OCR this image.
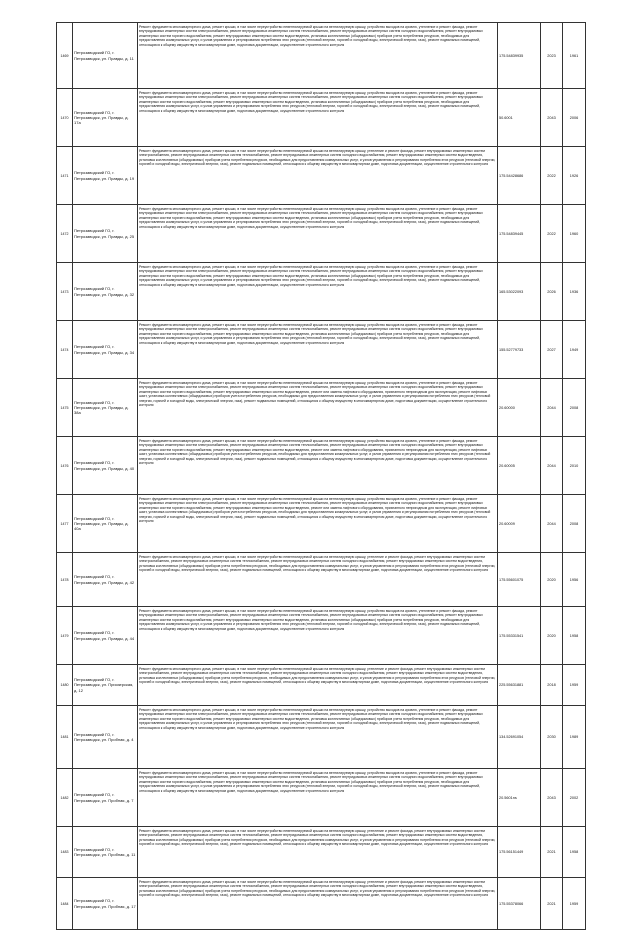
1469	Петрозаводский ГО, г. Петрозаводск, ул. Правды, д. 11	Ремонт фундамента многоквартирного дома, ремонт крыши, в том числе переустройство невентилируемой крыши на вентилируемую крышу, устройство выходов на кровлю, утепление и ремонт фасада, ремонт внутридомовых инженерных систем электроснабжения, ремонт внутридомовых инженерных систем теплоснабжения, ремонт внутридомовых инженерных систем холодного водоснабжения, ремонт внутридомовых инженерных систем горячего водоснабжения, ремонт внутридомовых инженерных систем водоотведения, установка коллективных (общедомовых) приборов учета потребления ресурсов, необходимых для предоставления коммунальных услуг, и узлов управления и регулирования потребления этих ресурсов (тепловой энергии, горячей и холодной воды, электрической энергии, газа), ремонт подвальных помещений, относящихся к общему имуществу в многоквартирном доме, подготовка документации, осуществление строительного контроля	175.54839935	2023	1961
1470	Петрозаводский ГО, г. Петрозаводск, ул. Правды, д. 17а	Ремонт фундамента многоквартирного дома, ремонт крыши, в том числе переустройство невентилируемой крыши на вентилируемую крышу, устройство выходов на кровлю, утепление и ремонт фасада, ремонт внутридомовых инженерных систем электроснабжения, ремонт внутридомовых инженерных систем теплоснабжения, ремонт внутридомовых инженерных систем холодного водоснабжения, ремонт внутридомовых инженерных систем горячего водоснабжения, ремонт внутридомовых инженерных систем водоотведения, установка коллективных (общедомовых) приборов учета потребления ресурсов, необходимых для предоставления коммунальных услуг, и узлов управления и регулирования потребления этих ресурсов (тепловой энергии, горячей и холодной воды, электрической энергии, газа), ремонт подвальных помещений, относящихся к общему имуществу в многоквартирном доме, подготовка документации, осуществление строительного контроля	50.6001	2043	2006
1471	Петрозаводский ГО, г. Петрозаводск, ул. Правды, д. 19	Ремонт фундамента многоквартирного дома, ремонт крыши, в том числе переустройство невентилируемой крыши на вентилируемую крышу, утепление и ремонт фасада, ремонт внутридомовых инженерных систем электроснабжения, ремонт внутридомовых инженерных систем теплоснабжения, ремонт внутридомовых инженерных систем холодного водоснабжения, ремонт внутридомовых инженерных систем водоотведения, установка коллективных (общедомовых) приборов учета потребления ресурсов, необходимых для предоставления коммунальных услуг, и узлов управления и регулирования потребления этих ресурсов (тепловой энергии, горячей и холодной воды, электрической энергии, газа), ремонт подвальных помещений, относящихся к общему имуществу в многоквартирном доме, подготовка документации, осуществление строительного контроля	175.54428686	2022	1926
1472	Петрозаводский ГО, г. Петрозаводск, ул. Правды, д. 25	Ремонт фундамента многоквартирного дома, ремонт крыши, в том числе переустройство невентилируемой крыши на вентилируемую крышу, устройство выходов на кровлю, утепление и ремонт фасада, ремонт внутридомовых инженерных систем электроснабжения, ремонт внутридомовых инженерных систем теплоснабжения, ремонт внутридомовых инженерных систем холодного водоснабжения, ремонт внутридомовых инженерных систем горячего водоснабжения, ремонт внутридомовых инженерных систем водоотведения, установка коллективных (общедомовых) приборов учета потребления ресурсов, необходимых для предоставления коммунальных услуг, и узлов управления и регулирования потребления этих ресурсов (тепловой энергии, горячей и холодной воды, электрической энергии, газа), ремонт подвальных помещений, относящихся к общему имуществу в многоквартирном доме, подготовка документации, осуществление строительного контроля	175.54839445	2022	1960
1473	Петрозаводский ГО, г. Петрозаводск, ул. Правды, д. 32	Ремонт фундамента многоквартирного дома, ремонт крыши, в том числе переустройство невентилируемой крыши на вентилируемую крышу, устройство выходов на кровлю, утепление и ремонт фасада, ремонт внутридомовых инженерных систем электроснабжения, ремонт внутридомовых инженерных систем теплоснабжения, ремонт внутридомовых инженерных систем холодного водоснабжения, ремонт внутридомовых инженерных систем горячего водоснабжения, ремонт внутридомовых инженерных систем водоотведения, установка коллективных (общедомовых) приборов учета потребления ресурсов, необходимых для предоставления коммунальных услуг, и узлов управления и регулирования потребления этих ресурсов (тепловой энергии, горячей и холодной воды, электрической энергии, газа), ремонт подвальных помещений, относящихся к общему имуществу в многоквартирном доме, подготовка документации, осуществление строительного контроля	165.53022093	2026	1936
1474	Петрозаводский ГО, г. Петрозаводск, ул. Правды, д. 34	Ремонт фундамента многоквартирного дома, ремонт крыши, в том числе переустройство невентилируемой крыши на вентилируемую крышу, устройство выходов на кровлю, утепление и ремонт фасада, ремонт внутридомовых инженерных систем электроснабжения, ремонт внутридомовых инженерных систем теплоснабжения, ремонт внутридомовых инженерных систем холодного водоснабжения, ремонт внутридомовых инженерных систем горячего водоснабжения, ремонт внутридомовых инженерных систем водоотведения, установка коллективных (общедомовых) приборов учета потребления ресурсов, необходимых для предоставления коммунальных услуг, и узлов управления и регулирования потребления этих ресурсов (тепловой энергии, горячей и холодной воды, электрической энергии, газа), ремонт подвальных помещений, относящихся к общему имуществу в многоквартирном доме, подготовка документации, осуществление строительного контроля	155.52779733	2027	1949
1475	Петрозаводский ГО, г. Петрозаводск, ул. Правды, д. 38а	Ремонт фундамента многоквартирного дома, ремонт крыши, в том числе переустройство невентилируемой крыши на вентилируемую крышу, устройство выходов на кровлю, утепление и ремонт фасада, ремонт внутридомовых инженерных систем электроснабжения, ремонт внутридомовых инженерных систем теплоснабжения, ремонт внутридомовых инженерных систем холодного водоснабжения, ремонт внутридомовых инженерных систем горячего водоснабжения, ремонт внутридомовых инженерных систем водоотведения, ремонт или замена лифтового оборудования, признанного непригодным для эксплуатации, ремонт лифтовых шахт, установка коллективных (общедомовых) приборов учета потребления ресурсов, необходимых для предоставления коммунальных услуг, и узлов управления и регулирования потребления этих ресурсов (тепловой энергии, горячей и холодной воды, электрической энергии, газа), ремонт подвальных помещений, относящихся к общему имуществу в многоквартирном доме, подготовка документации, осуществление строительного контроля	20.60000	2044	2008
1476	Петрозаводский ГО, г. Петрозаводск, ул. Правды, д. 40	Ремонт фундамента многоквартирного дома, ремонт крыши, в том числе переустройство невентилируемой крыши на вентилируемую крышу, устройство выходов на кровлю, утепление и ремонт фасада, ремонт внутридомовых инженерных систем электроснабжения, ремонт внутридомовых инженерных систем теплоснабжения, ремонт внутридомовых инженерных систем холодного водоснабжения, ремонт внутридомовых инженерных систем горячего водоснабжения, ремонт внутридомовых инженерных систем водоотведения, ремонт или замена лифтового оборудования, признанного непригодным для эксплуатации, ремонт лифтовых шахт, установка коллективных (общедомовых) приборов учета потребления ресурсов, необходимых для предоставления коммунальных услуг, и узлов управления и регулирования потребления этих ресурсов (тепловой энергии, горячей и холодной воды, электрической энергии, газа), ремонт подвальных помещений, относящихся к общему имуществу в многоквартирном доме, подготовка документации, осуществление строительного контроля	20.60005	2044	2010
1477	Петрозаводский ГО, г. Петрозаводск, ул. Правды, д. 40а	Ремонт фундамента многоквартирного дома, ремонт крыши, в том числе переустройство невентилируемой крыши на вентилируемую крышу, устройство выходов на кровлю, утепление и ремонт фасада, ремонт внутридомовых инженерных систем электроснабжения, ремонт внутридомовых инженерных систем теплоснабжения, ремонт внутридомовых инженерных систем холодного водоснабжения, ремонт внутридомовых инженерных систем горячего водоснабжения, ремонт внутридомовых инженерных систем водоотведения, ремонт или замена лифтового оборудования, признанного непригодным для эксплуатации, ремонт лифтовых шахт, установка коллективных (общедомовых) приборов учета потребления ресурсов, необходимых для предоставления коммунальных услуг, и узлов управления и регулирования потребления этих ресурсов (тепловой энергии, горячей и холодной воды, электрической энергии, газа), ремонт подвальных помещений, относящихся к общему имуществу в многоквартирном доме, подготовка документации, осуществление строительного контроля	20.60009	2044	2008
1478	Петрозаводский ГО, г. Петрозаводск, ул. Правды, д. 42	Ремонт фундамента многоквартирного дома, ремонт крыши, в том числе переустройство невентилируемой крыши на вентилируемую крышу, утепление и ремонт фасада, ремонт внутридомовых инженерных систем электроснабжения, ремонт внутридомовых инженерных систем теплоснабжения, ремонт внутридомовых инженерных систем холодного водоснабжения, ремонт внутридомовых инженерных систем водоотведения, установка коллективных (общедомовых) приборов учета потребления ресурсов, необходимых для предоставления коммунальных услуг, и узлов управления и регулирования потребления этих ресурсов (тепловой энергии, горячей и холодной воды, электрической энергии, газа), ремонт подвальных помещений, относящихся к общему имуществу в многоквартирном доме, подготовка документации, осуществление строительного контроля	175.55601075	2020	1956
1479	Петрозаводский ГО, г. Петрозаводск, ул. Правды, д. 44	Ремонт фундамента многоквартирного дома, ремонт крыши, в том числе переустройство невентилируемой крыши на вентилируемую крышу, устройство выходов на кровлю, утепление и ремонт фасада, ремонт внутридомовых инженерных систем электроснабжения, ремонт внутридомовых инженерных систем теплоснабжения, ремонт внутридомовых инженерных систем холодного водоснабжения, ремонт внутридомовых инженерных систем горячего водоснабжения, ремонт внутридомовых инженерных систем водоотведения, установка коллективных (общедомовых) приборов учета потребления ресурсов, необходимых для предоставления коммунальных услуг, и узлов управления и регулирования потребления этих ресурсов (тепловой энергии, горячей и холодной воды, электрической энергии, газа), ремонт подвальных помещений, относящихся к общему имуществу в многоквартирном доме, подготовка документации, осуществление строительного контроля	175.55331541	2020	1958
1480	Петрозаводский ГО, г. Петрозаводск, ул. Приозерская, д. 12	Ремонт фундамента многоквартирного дома, ремонт крыши, в том числе переустройство невентилируемой крыши на вентилируемую крышу, утепление и ремонт фасада, ремонт внутридомовых инженерных систем электроснабжения, ремонт внутридомовых инженерных систем теплоснабжения, ремонт внутридомовых инженерных систем холодного водоснабжения, ремонт внутридомовых инженерных систем водоотведения, установка коллективных (общедомовых) приборов учета потребления ресурсов, необходимых для предоставления коммунальных услуг, и узлов управления и регулирования потребления этих ресурсов (тепловой энергии, горячей и холодной воды, электрической энергии, газа), ремонт подвальных помещений, относящихся к общему имуществу в многоквартирном доме, подготовка документации, осуществление строительного контроля	225.55631881	2018	1959
1481	Петрозаводский ГО, г. Петрозаводск, ул. Пробная, д. 4	Ремонт фундамента многоквартирного дома, ремонт крыши, в том числе переустройство невентилируемой крыши на вентилируемую крышу, устройство выходов на кровлю, утепление и ремонт фасада, ремонт внутридомовых инженерных систем электроснабжения, ремонт внутридомовых инженерных систем теплоснабжения, ремонт внутридомовых инженерных систем холодного водоснабжения, ремонт внутридомовых инженерных систем горячего водоснабжения, ремонт внутридомовых инженерных систем водоотведения, установка коллективных (общедомовых) приборов учета потребления ресурсов, необходимых для предоставления коммунальных услуг, и узлов управления и регулирования потребления этих ресурсов (тепловой энергии, горячей и холодной воды, электрической энергии, газа), ремонт подвальных помещений, относящихся к общему имуществу в многоквартирном доме, подготовка документации, осуществление строительного контроля	134.52691054	2030	1989
1482	Петрозаводский ГО, г. Петрозаводск, ул. Пробная, д. 7	Ремонт фундамента многоквартирного дома, ремонт крыши, в том числе переустройство невентилируемой крыши на вентилируемую крышу, устройство выходов на кровлю, утепление и ремонт фасада, ремонт внутридомовых инженерных систем электроснабжения, ремонт внутридомовых инженерных систем теплоснабжения, ремонт внутридомовых инженерных систем холодного водоснабжения, ремонт внутридомовых инженерных систем горячего водоснабжения, ремонт внутридомовых инженерных систем водоотведения, установка коллективных (общедомовых) приборов учета потребления ресурсов, необходимых для предоставления коммунальных услуг, и узлов управления и регулирования потребления этих ресурсов (тепловой энергии, горячей и холодной воды, электрической энергии, газа), ремонт подвальных помещений, относящихся к общему имуществу в многоквартирном доме, подготовка документации, осуществление строительного контроля	20.5601ns	2043	2002
1483	Петрозаводский ГО, г. Петрозаводск, ул. Пробная, д. 11	Ремонт фундамента многоквартирного дома, ремонт крыши, в том числе переустройство невентилируемой крыши на вентилируемую крышу, утепление и ремонт фасада, ремонт внутридомовых инженерных систем электроснабжения, ремонт внутридомовых инженерных систем теплоснабжения, ремонт внутридомовых инженерных систем холодного водоснабжения, ремонт внутридомовых инженерных систем водоотведения, установка коллективных (общедомовых) приборов учета потребления ресурсов, необходимых для предоставления коммунальных услуг, и узлов управления и регулирования потребления этих ресурсов (тепловой энергии, горячей и холодной воды, электрической энергии, газа), ремонт подвальных помещений, относящихся к общему имуществу в многоквартирном доме, подготовка документации, осуществление строительного контроля	175.56151449	2021	1958
1484	Петрозаводский ГО, г. Петрозаводск, ул. Пробная, д. 17	Ремонт фундамента многоквартирного дома, ремонт крыши, в том числе переустройство невентилируемой крыши на вентилируемую крышу, утепление и ремонт фасада, ремонт внутридомовых инженерных систем электроснабжения, ремонт внутридомовых инженерных систем теплоснабжения, ремонт внутридомовых инженерных систем холодного водоснабжения, ремонт внутридомовых инженерных систем водоотведения, установка коллективных (общедомовых) приборов учета потребления ресурсов, необходимых для предоставления коммунальных услуг, и узлов управления и регулирования потребления этих ресурсов (тепловой энергии, горячей и холодной воды, электрической энергии, газа), ремонт подвальных помещений, относящихся к общему имуществу в многоквартирном доме, подготовка документации, осуществление строительного контроля	175.55378066	2021	1959
